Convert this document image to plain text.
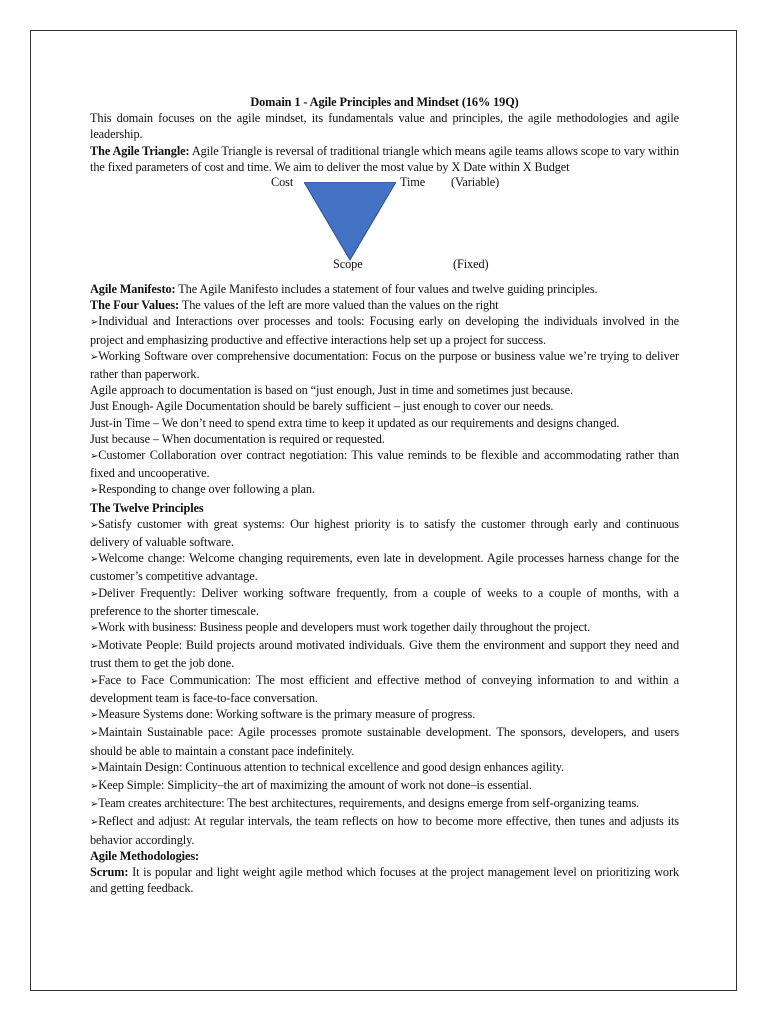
Domain 1 - Agile Principles and Mindset (16% 19Q)

This domain focuses on the agile mindset, its fundamentals value and principles, the agile methodologies and agile leadership.

The Agile Triangle: Agile Triangle is reversal of traditional triangle which means agile teams allows scope to vary within the fixed parameters of cost and time. We aim to deliver the most value by X Date within X Budget

Cost	Time (Variable)
Scope	(Fixed)

Agile Manifesto: The Agile Manifesto includes a statement of four values and twelve guiding principles.

The Four Values: The values of the left are more valued than the values on the right

➢Individual and Interactions over processes and tools: Focusing early on developing the individuals involved in the project and emphasizing productive and effective interactions help set up a project for success.

➢Working Software over comprehensive documentation: Focus on the purpose or business value we’re trying to deliver rather than paperwork.

Agile approach to documentation is based on “just enough, Just in time and sometimes just because.

Just Enough- Agile Documentation should be barely sufficient – just enough to cover our needs.

Just-in Time – We don’t need to spend extra time to keep it updated as our requirements and designs changed.

Just because – When documentation is required or requested.

➢Customer Collaboration over contract negotiation: This value reminds to be flexible and accommodating rather than fixed and uncooperative.

➢Responding to change over following a plan.

The Twelve Principles

➢Satisfy customer with great systems: Our highest priority is to satisfy the customer through early and continuous delivery of valuable software.

➢Welcome change: Welcome changing requirements, even late in development. Agile processes harness change for the customer’s competitive advantage.

➢Deliver Frequently: Deliver working software frequently, from a couple of weeks to a couple of months, with a preference to the shorter timescale.

➢Work with business: Business people and developers must work together daily throughout the project.

➢Motivate People: Build projects around motivated individuals. Give them the environment and support they need and trust them to get the job done.

➢Face to Face Communication: The most efficient and effective method of conveying information to and within a development team is face-to-face conversation.

➢Measure Systems done: Working software is the primary measure of progress.

➢Maintain Sustainable pace: Agile processes promote sustainable development. The sponsors, developers, and users should be able to maintain a constant pace indefinitely.

➢Maintain Design: Continuous attention to technical excellence and good design enhances agility.

➢Keep Simple: Simplicity–the art of maximizing the amount of work not done–is essential.

➢Team creates architecture: The best architectures, requirements, and designs emerge from self-organizing teams.

➢Reflect and adjust: At regular intervals, the team reflects on how to become more effective, then tunes and adjusts its behavior accordingly.

Agile Methodologies:

Scrum: It is popular and light weight agile method which focuses at the project management level on prioritizing work and getting feedback.
